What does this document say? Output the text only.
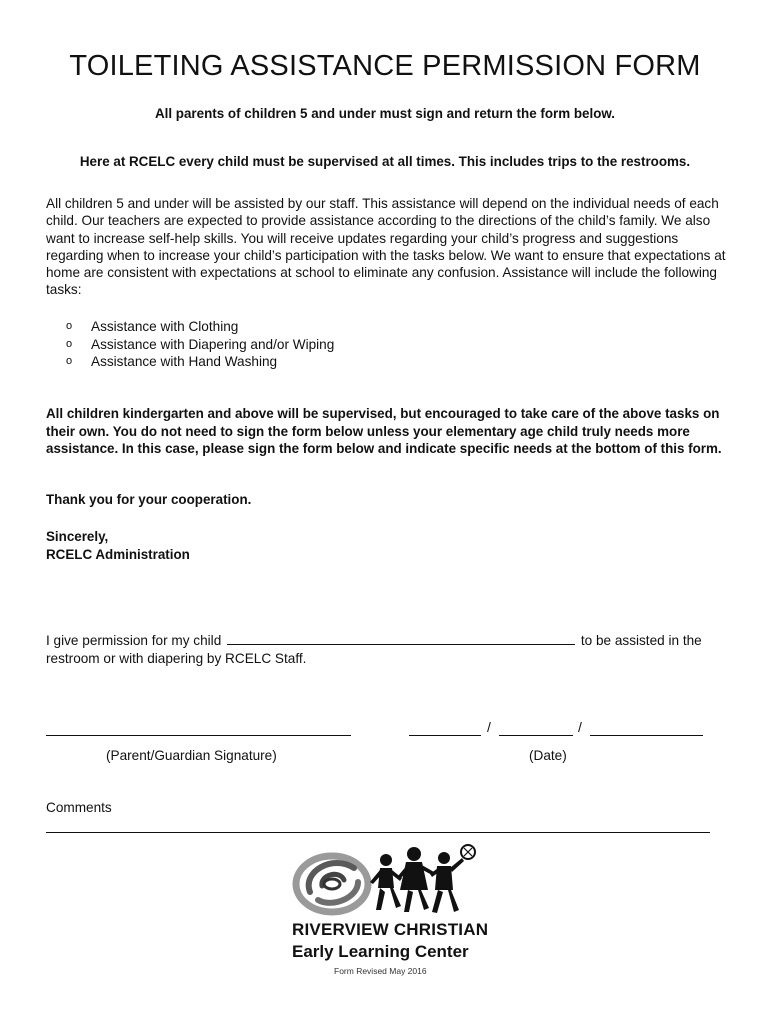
TOILETING ASSISTANCE PERMISSION FORM
All parents of children 5 and under must sign and return the form below.
Here at RCELC every child must be supervised at all times. This includes trips to the restrooms.

All children 5 and under will be assisted by our staff. This assistance will depend on the individual needs of each child. Our teachers are expected to provide assistance according to the directions of the child’s family. We also want to increase self-help skills. You will receive updates regarding your child’s progress and suggestions regarding when to increase your child’s participation with the tasks below. We want to ensure that expectations at home are consistent with expectations at school to eliminate any confusion. Assistance will include the following tasks:

o	Assistance with Clothing
o	Assistance with Diapering and/or Wiping
o	Assistance with Hand Washing

All children kindergarten and above will be supervised, but encouraged to take care of the above tasks on their own. You do not need to sign the form below unless your elementary age child truly needs more assistance. In this case, please sign the form below and indicate specific needs at the bottom of this form.

Thank you for your cooperation.

Sincerely,
RCELC Administration

I give permission for my child	to be assisted in the restroom or with diapering by RCELC Staff.

/	/
(Parent/Guardian Signature)	(Date)
Comments
RIVERVIEW CHRISTIAN
Early Learning Center
Form Revised May 2016
